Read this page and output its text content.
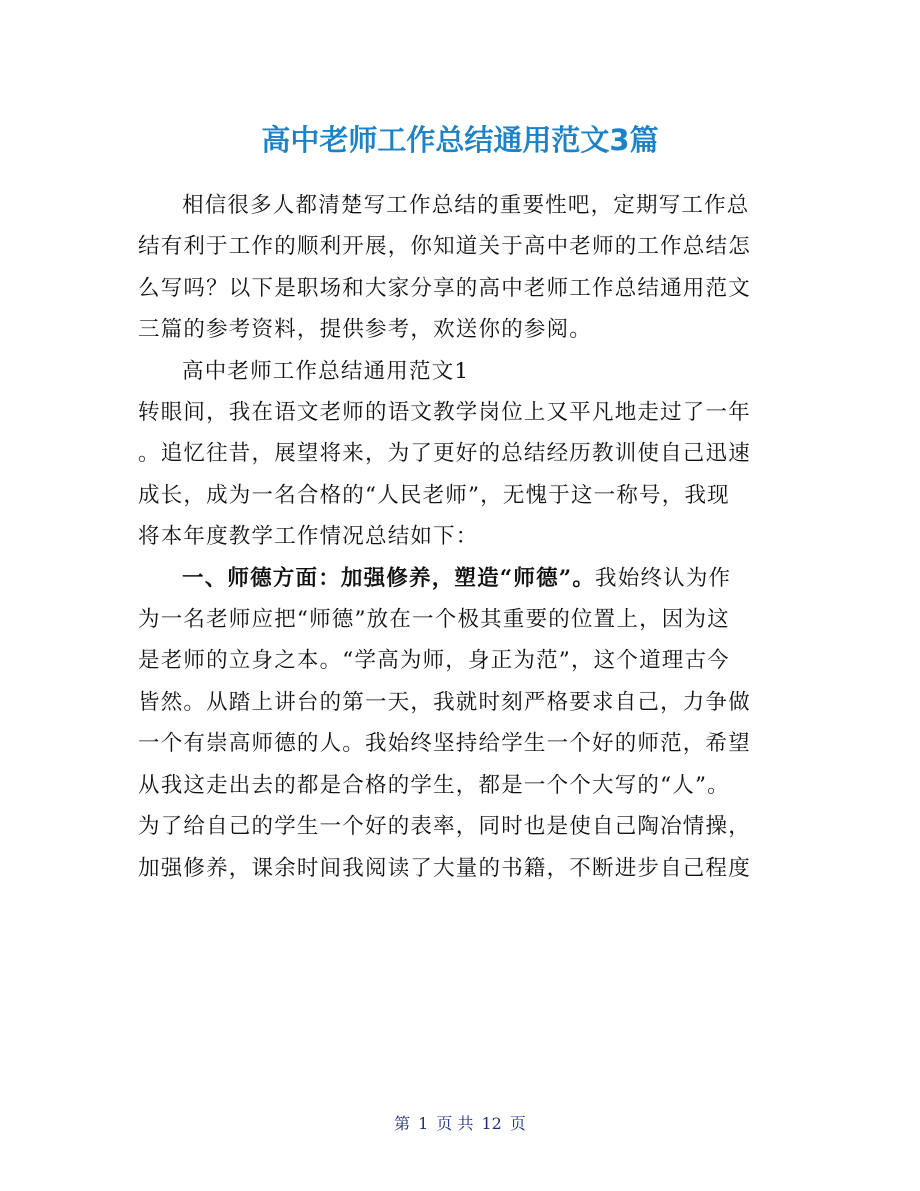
高中老师工作总结通用范文3篇
相信很多人都清楚写工作总结的重要性吧，定期写工作总
结有利于工作的顺利开展，你知道关于高中老师的工作总结怎
么写吗？以下是职场和大家分享的高中老师工作总结通用范文
三篇的参考资料，提供参考，欢送你的参阅。
高中老师工作总结通用范文1
转眼间，我在语文老师的语文教学岗位上又平凡地走过了一年
。追忆往昔，展望将来，为了更好的总结经历教训使自己迅速
成长，成为一名合格的“人民老师”，无愧于这一称号，我现
将本年度教学工作情况总结如下：
一、师德方面：加强修养，塑造“师德”。我始终认为作
为一名老师应把“师德”放在一个极其重要的位置上，因为这
是老师的立身之本。“学高为师，身正为范”，这个道理古今
皆然。从踏上讲台的第一天，我就时刻严格要求自己，力争做
一个有崇高师德的人。我始终坚持给学生一个好的师范，希望
从我这走出去的都是合格的学生，都是一个个大写的“人”。
为了给自己的学生一个好的表率，同时也是使自己陶冶情操，
加强修养，课余时间我阅读了大量的书籍，不断进步自己程度
第 1 页 共 12 页
